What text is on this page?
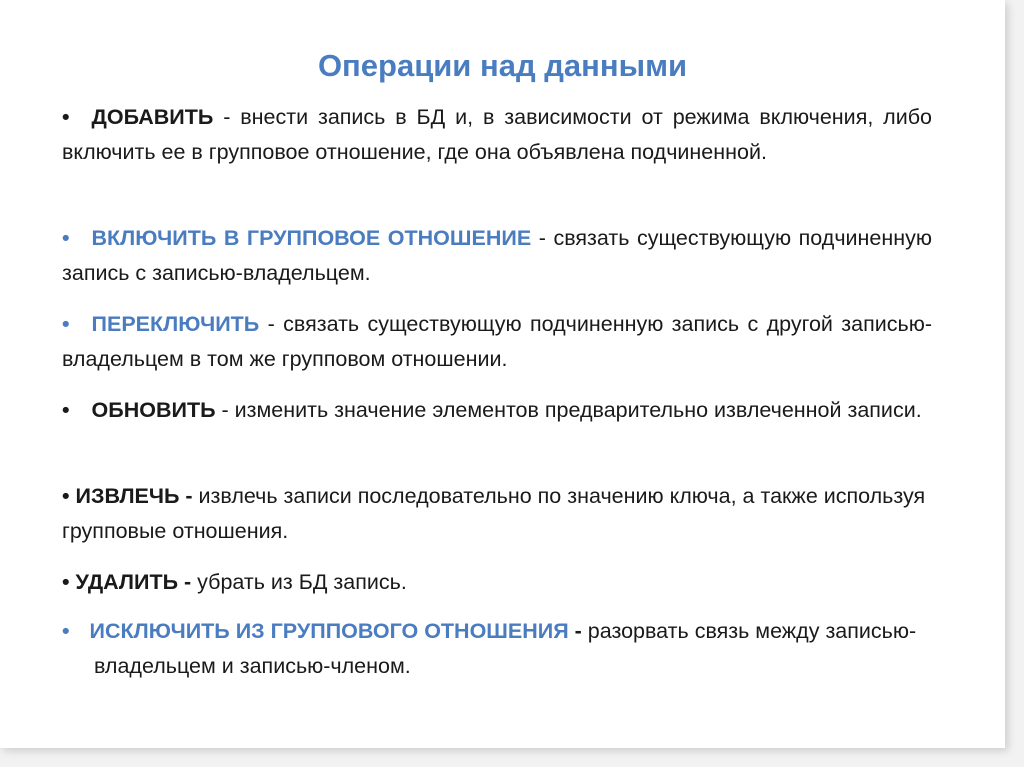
Операции над данными
• ДОБАВИТЬ - внести запись в БД и, в зависимости от режима включения, либо включить ее в групповое отношение, где она объявлена подчиненной.
• ВКЛЮЧИТЬ В ГРУППОВОЕ ОТНОШЕНИЕ - связать существующую подчиненную запись с записью-владельцем.
• ПЕРЕКЛЮЧИТЬ - связать существующую подчиненную запись с другой записью-владельцем в том же групповом отношении.
• ОБНОВИТЬ - изменить значение элементов предварительно извлеченной записи.
• ИЗВЛЕЧЬ - извлечь записи последовательно по значению ключа, а также используя групповые отношения.
• УДАЛИТЬ - убрать из БД запись.
• ИСКЛЮЧИТЬ ИЗ ГРУППОВОГО ОТНОШЕНИЯ - разорвать связь между записью-владельцем и записью-членом.
